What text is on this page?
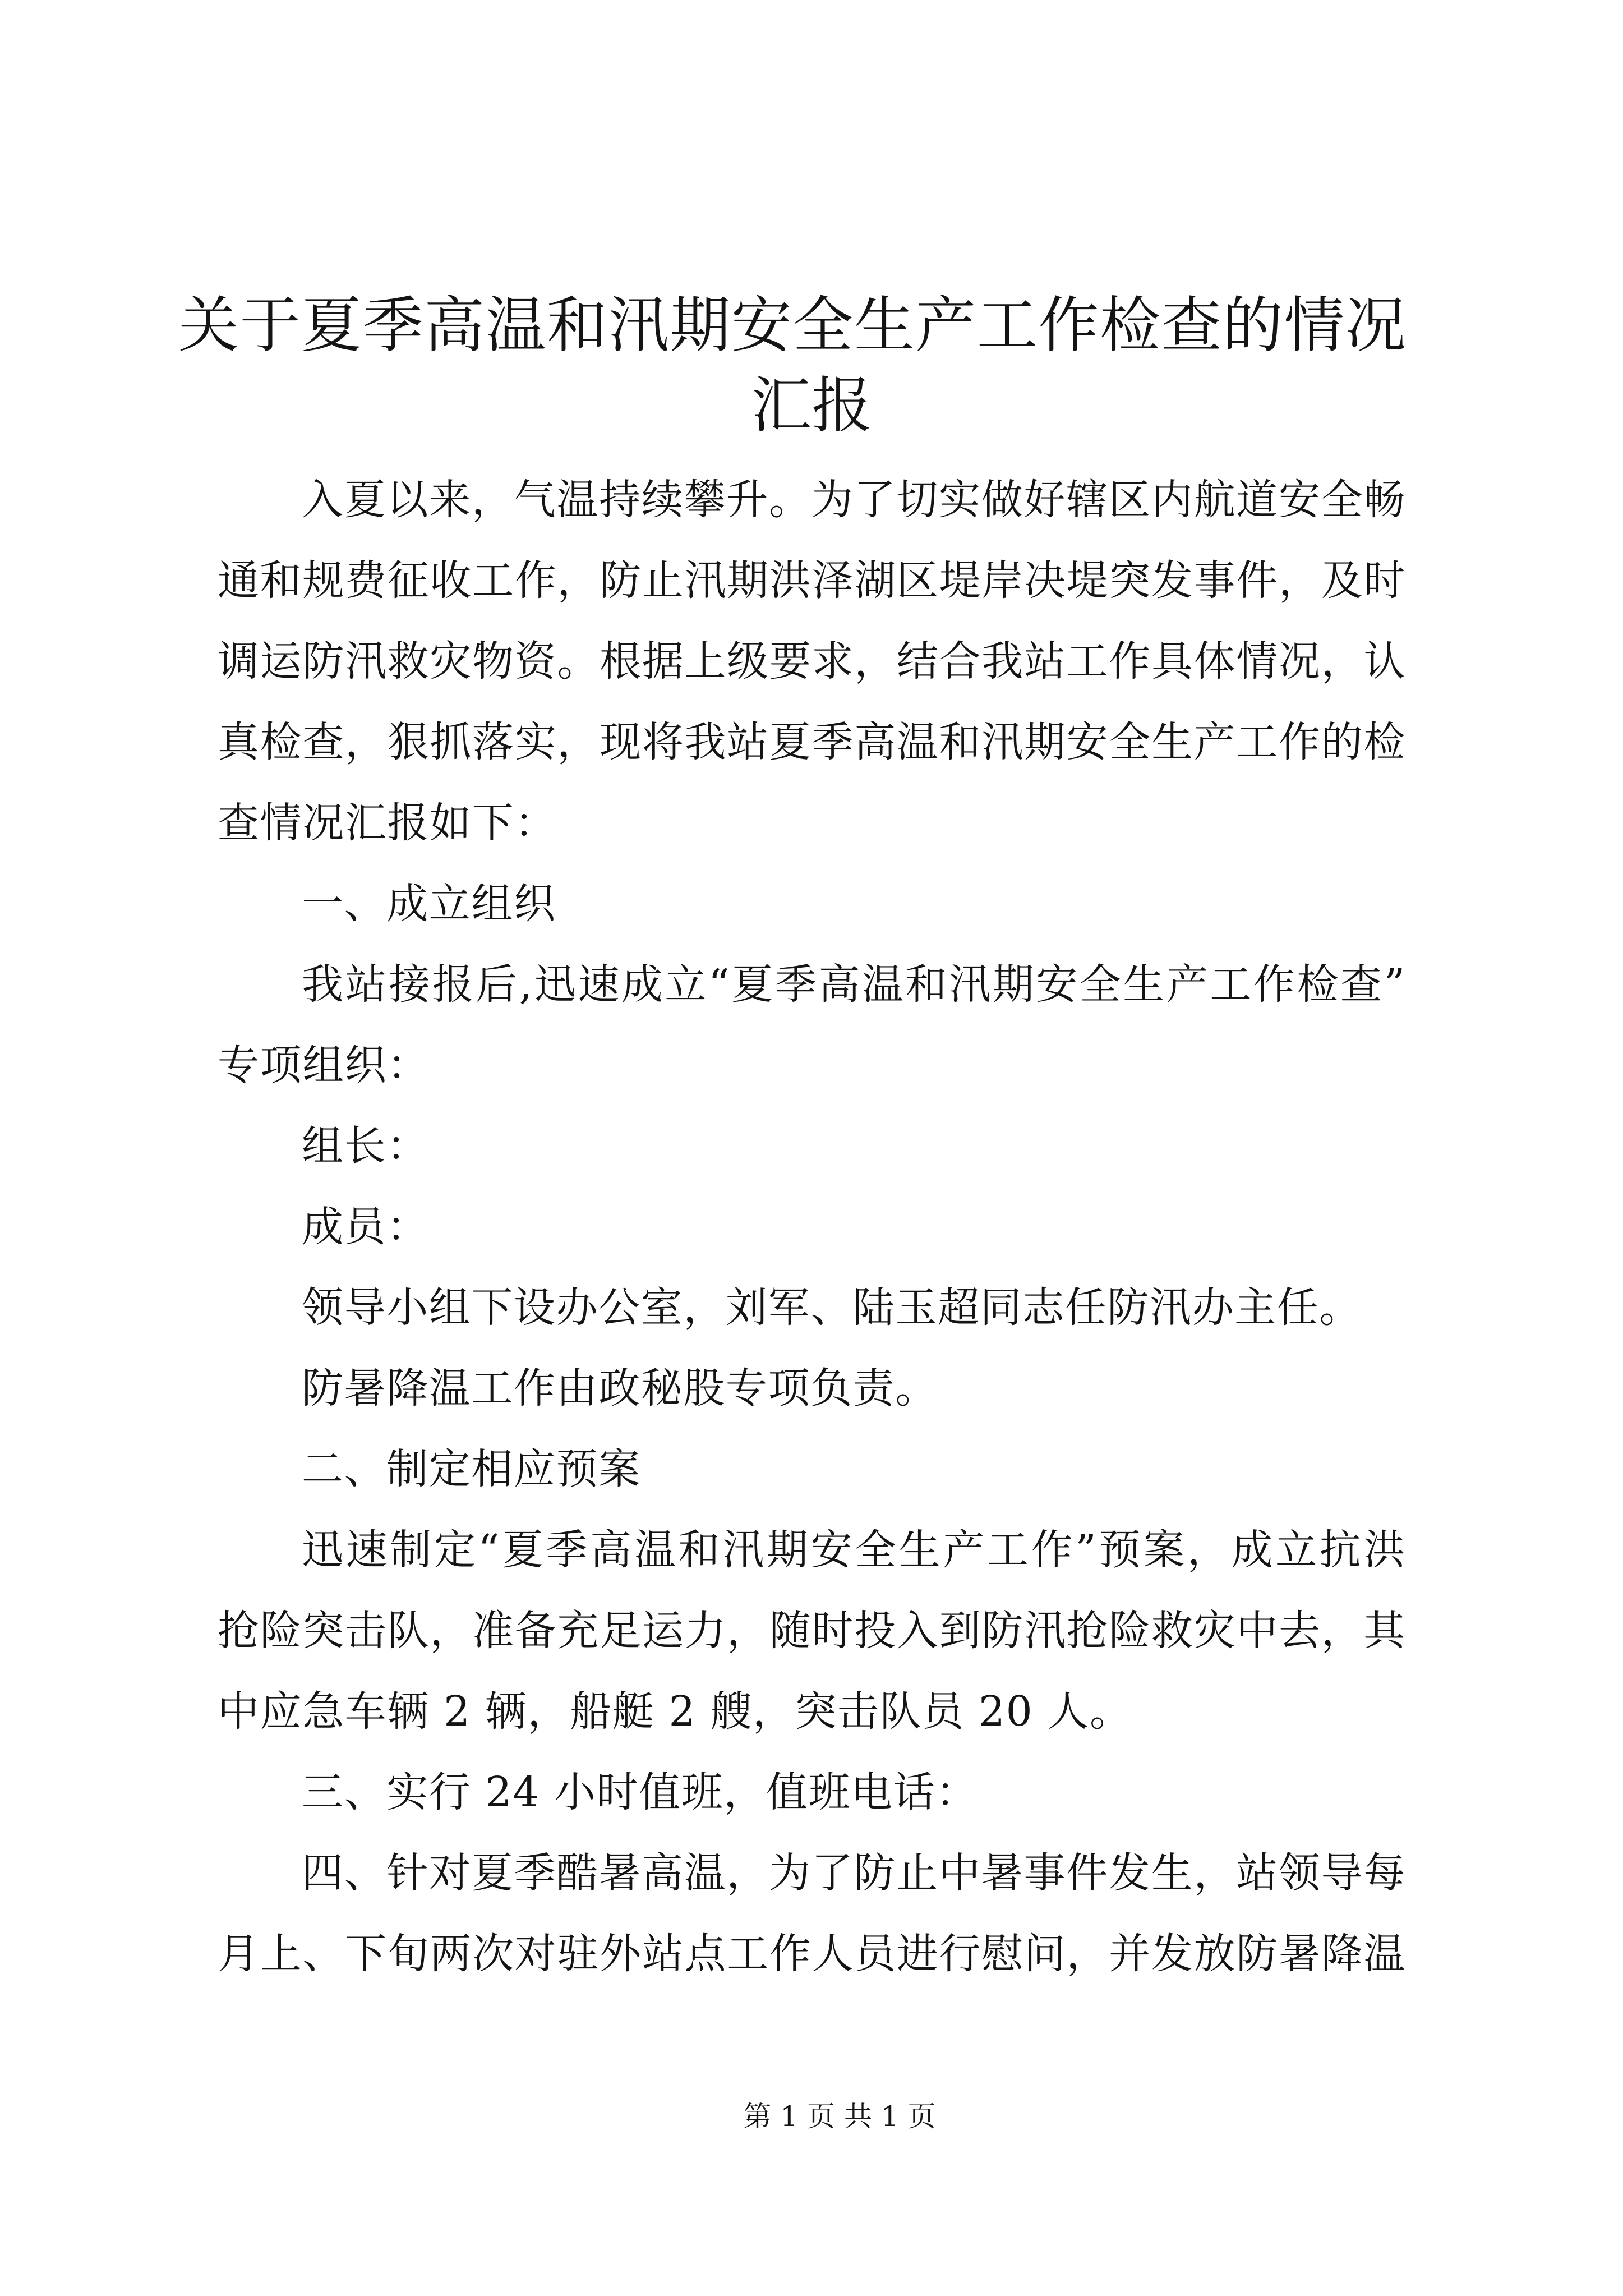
关于夏季高温和汛期安全生产工作检查的情况
汇报
入夏以来，气温持续攀升。为了切实做好辖区内航道安全畅
通和规费征收工作，防止汛期洪泽湖区堤岸决堤突发事件，及时
调运防汛救灾物资。根据上级要求，结合我站工作具体情况，认
真检查，狠抓落实，现将我站夏季高温和汛期安全生产工作的检
查情况汇报如下：
一、成立组织
我站接报后,迅速成立“夏季高温和汛期安全生产工作检查”
专项组织：
组长：
成员：
领导小组下设办公室，刘军、陆玉超同志任防汛办主任。
防暑降温工作由政秘股专项负责。
二、制定相应预案
迅速制定“夏季高温和汛期安全生产工作”预案，成立抗洪
抢险突击队，准备充足运力，随时投入到防汛抢险救灾中去，其
中应急车辆 2 辆，船艇 2 艘，突击队员 20 人。
三、实行 24 小时值班，值班电话：
四、针对夏季酷暑高温，为了防止中暑事件发生，站领导每
月上、下旬两次对驻外站点工作人员进行慰问，并发放防暑降温
第 1 页 共 1 页
